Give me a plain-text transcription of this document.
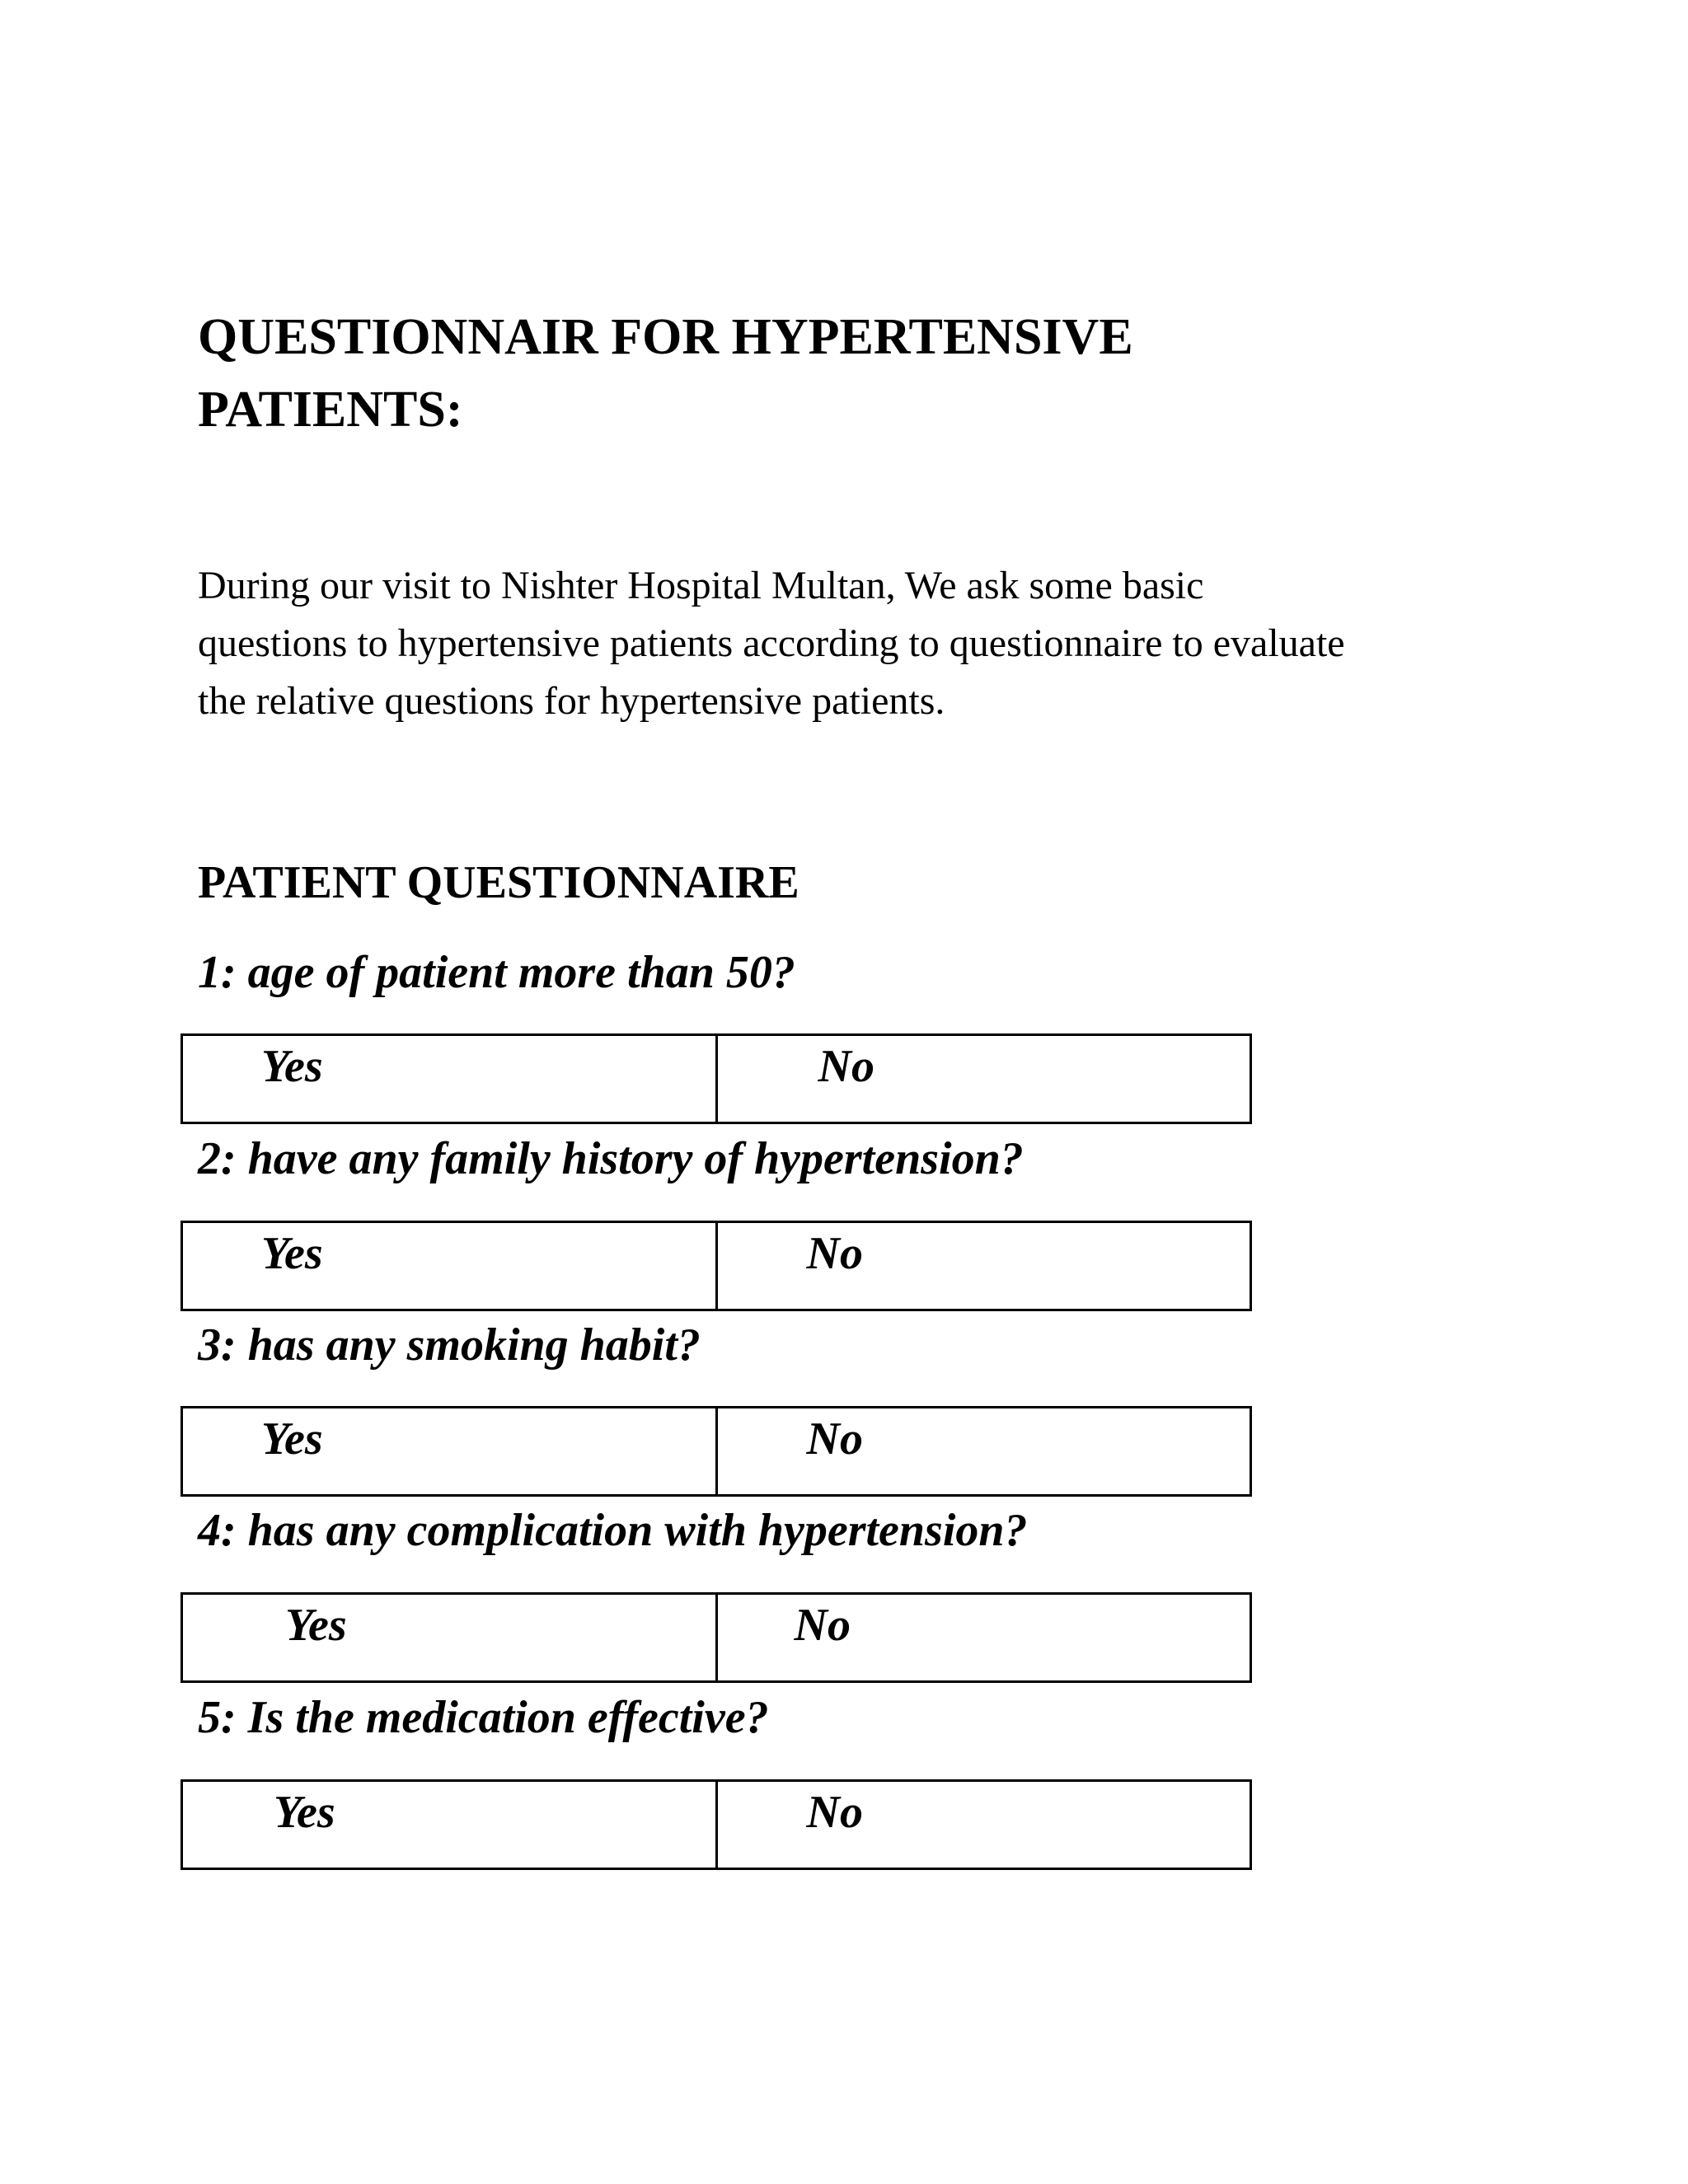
QUESTIONNAIR FOR HYPERTENSIVE
PATIENTS:

During our visit to Nishter Hospital Multan, We ask some basic
questions to hypertensive patients according to questionnaire to evaluate
the relative questions for hypertensive patients.

PATIENT QUESTIONNAIRE

1: age of patient more than 50?

Yes	No

2: have any family history of hypertension?

Yes	No

3: has any smoking habit?

Yes	No

4: has any complication with hypertension?

Yes	No

5: Is the medication effective?

Yes	No
